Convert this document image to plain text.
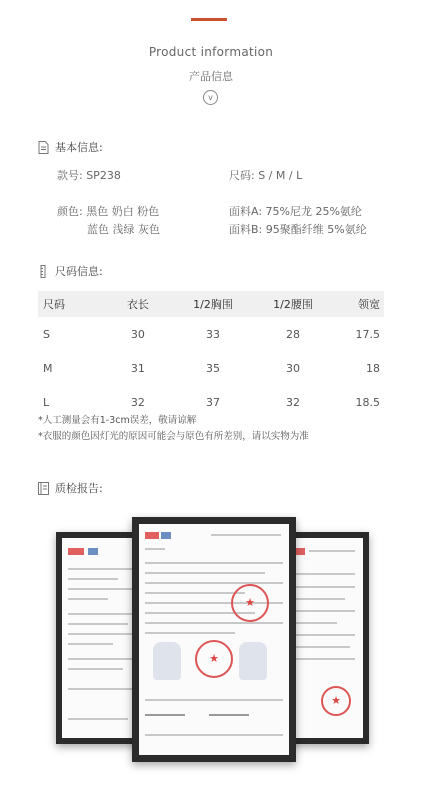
Product information
产品信息
v
基本信息:
款号: SP238	尺码: S / M / L
颜色: 黑色 奶白 粉色
蓝色 浅绿 灰色
面料A: 75%尼龙 25%氨纶
面料B: 95聚酯纤维 5%氨纶
尺码信息:
尺码	衣长	1/2胸围	1/2腰围	领宽
S	30	33	28	17.5
M	31	35	30	18
L	32	37	32	18.5
*人工测量会有1-3cm误差，敬请谅解
*衣服的颜色因灯光的原因可能会与原色有所差别，请以实物为准
质检报告:
★
★
★
